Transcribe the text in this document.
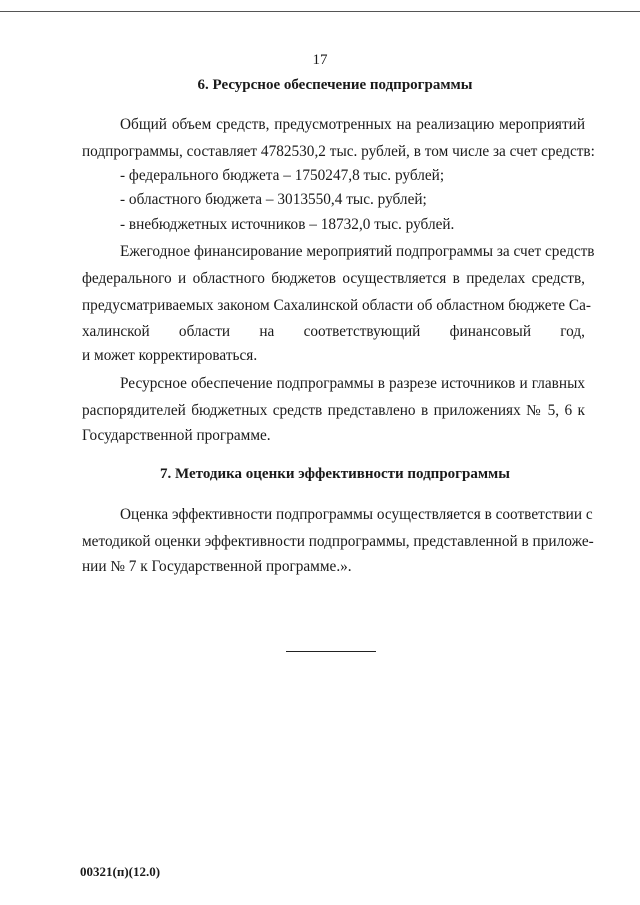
17
6. Ресурсное обеспечение подпрограммы
Общий объем средств, предусмотренных на реализацию мероприятий
подпрограммы, составляет 4782530,2 тыс. рублей, в том числе за счет средств:
- федерального бюджета – 1750247,8 тыс. рублей;
- областного бюджета – 3013550,4 тыс. рублей;
- внебюджетных источников – 18732,0 тыс. рублей.
Ежегодное финансирование мероприятий подпрограммы за счет средств
федерального и областного бюджетов осуществляется в пределах средств,
предусматриваемых законом Сахалинской области об областном бюджете Са-
халинской области на соответствующий финансовый год,
и может корректироваться.
Ресурсное обеспечение подпрограммы в разрезе источников и главных
распорядителей бюджетных средств представлено в приложениях № 5, 6 к
Государственной программе.
7. Методика оценки эффективности подпрограммы
Оценка эффективности подпрограммы осуществляется в соответствии с
методикой оценки эффективности подпрограммы, представленной в приложе-
нии № 7 к Государственной программе.».
00321(п)(12.0)
